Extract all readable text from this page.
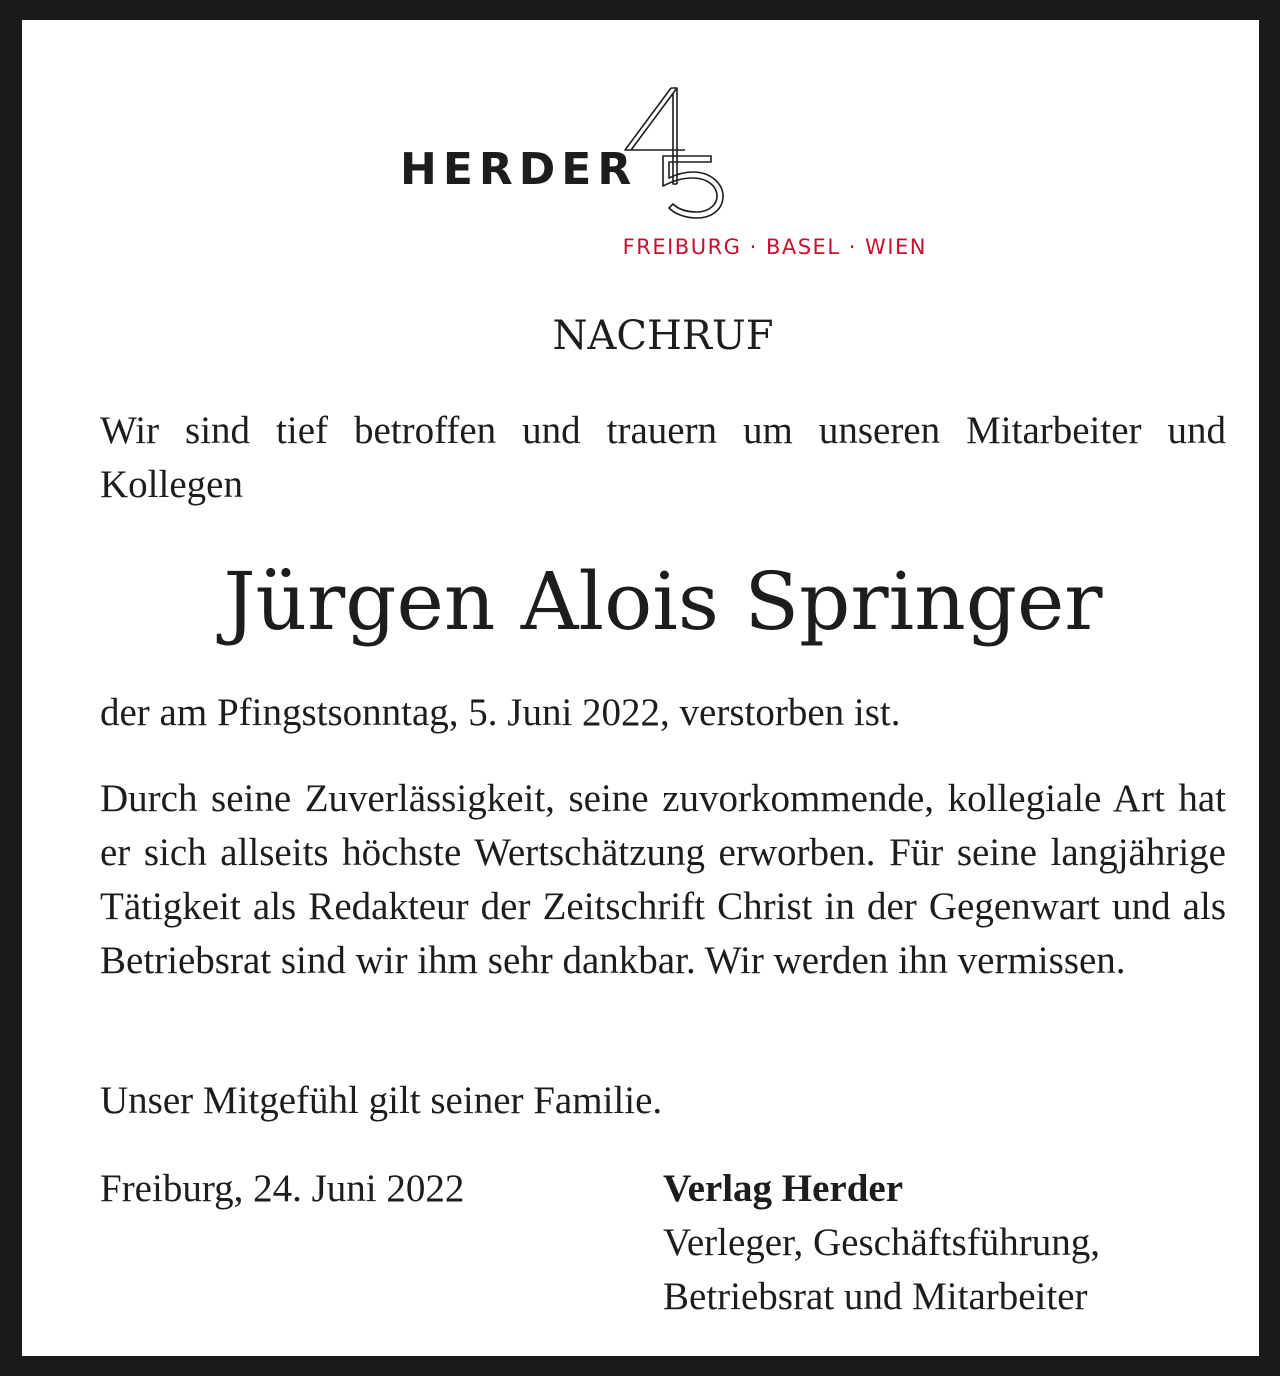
HERDER
FREIBURG · BASEL · WIEN
NACHRUF
Wir sind tief betroffen und trauern um unseren Mitarbeiter und Kollegen
Jürgen Alois Springer
der am Pfingstsonntag, 5. Juni 2022, verstorben ist.
Durch seine Zuverlässigkeit, seine zuvorkommende, kollegiale Art hat er sich allseits höchste Wertschätzung erworben. Für seine langjährige Tätigkeit als Redakteur der Zeitschrift Christ in der Gegenwart und als Betriebsrat sind wir ihm sehr dankbar. Wir werden ihn vermissen.
Unser Mitgefühl gilt seiner Familie.
Freiburg, 24. Juni 2022	Verlag Herder
Verleger, Geschäftsführung,
Betriebsrat und Mitarbeiter
